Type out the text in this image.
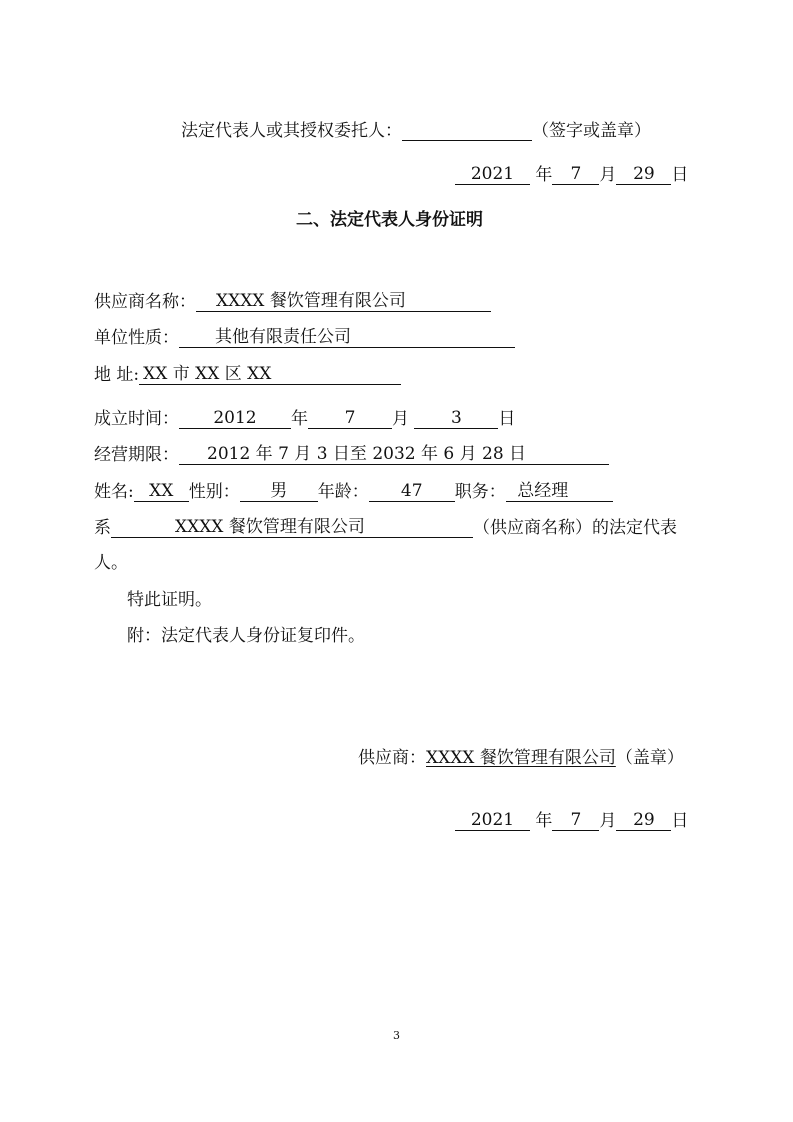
法定代表人或其授权委托人：	（签字或盖章）
2021 年 7 月 29 日
二、法定代表人身份证明
供应商名称： XXXX 餐饮管理有限公司
单位性质： 其他有限责任公司
地 址: XX 市 XX 区 XX
成立时间： 2012 年 7 月 3 日
经营期限： 2012 年 7 月 3 日至 2032 年 6 月 28 日
姓名: XX 性别： 男 年龄： 47 职务： 总经理
系	XXXX 餐饮管理有限公司	（供应商名称）的法定代表
人。
特此证明。
附：法定代表人身份证复印件。
供应商：XXXX 餐饮管理有限公司（盖章）
2021 年 7 月 29 日
3
